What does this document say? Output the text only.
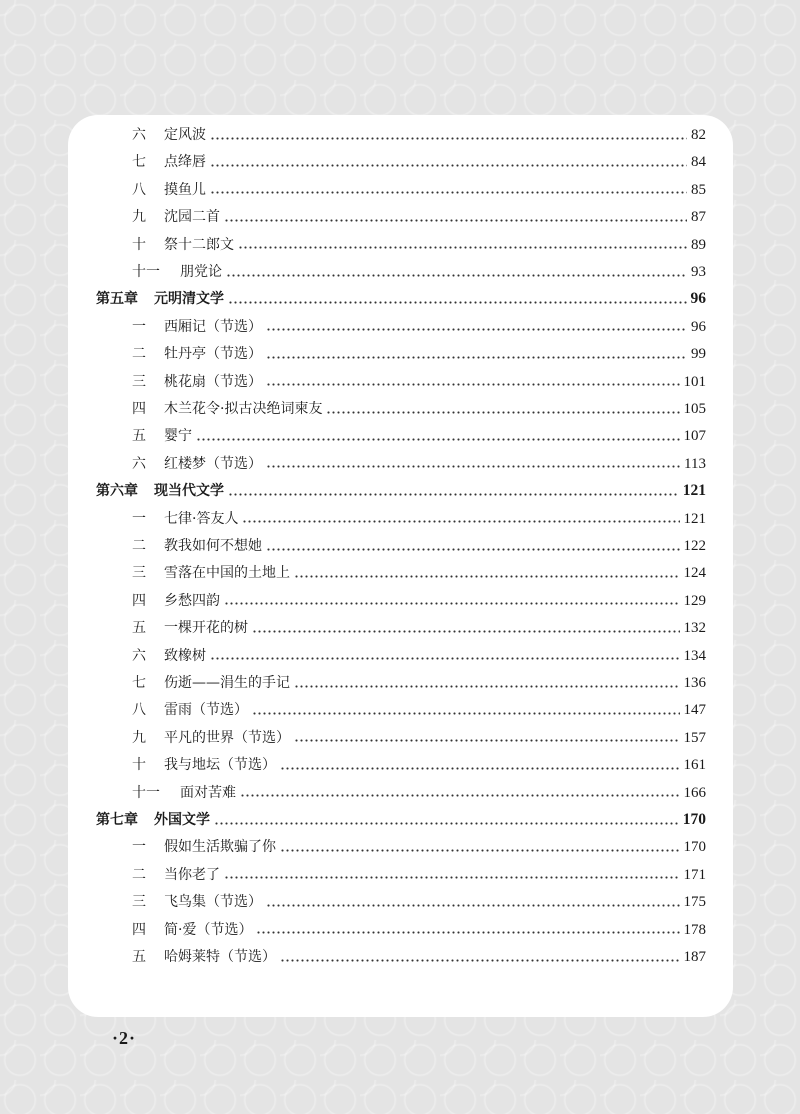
六	定风波	82
七	点绛唇	84
八	摸鱼儿	85
九	沈园二首	87
十	祭十二郎文	89
十一	朋党论	93
第五章	元明清文学	96
一	西厢记（节选）	96
二	牡丹亭（节选）	99
三	桃花扇（节选）	101
四	木兰花令·拟古决绝词柬友	105
五	婴宁	107
六	红楼梦（节选）	113
第六章	现当代文学	121
一	七律·答友人	121
二	教我如何不想她	122
三	雪落在中国的土地上	124
四	乡愁四韵	129
五	一棵开花的树	132
六	致橡树	134
七	伤逝——涓生的手记	136
八	雷雨（节选）	147
九	平凡的世界（节选）	157
十	我与地坛（节选）	161
十一	面对苦难	166
第七章	外国文学	170
一	假如生活欺骗了你	170
二	当你老了	171
三	飞鸟集（节选）	175
四	简·爱（节选）	178
五	哈姆莱特（节选）	187
·2·
